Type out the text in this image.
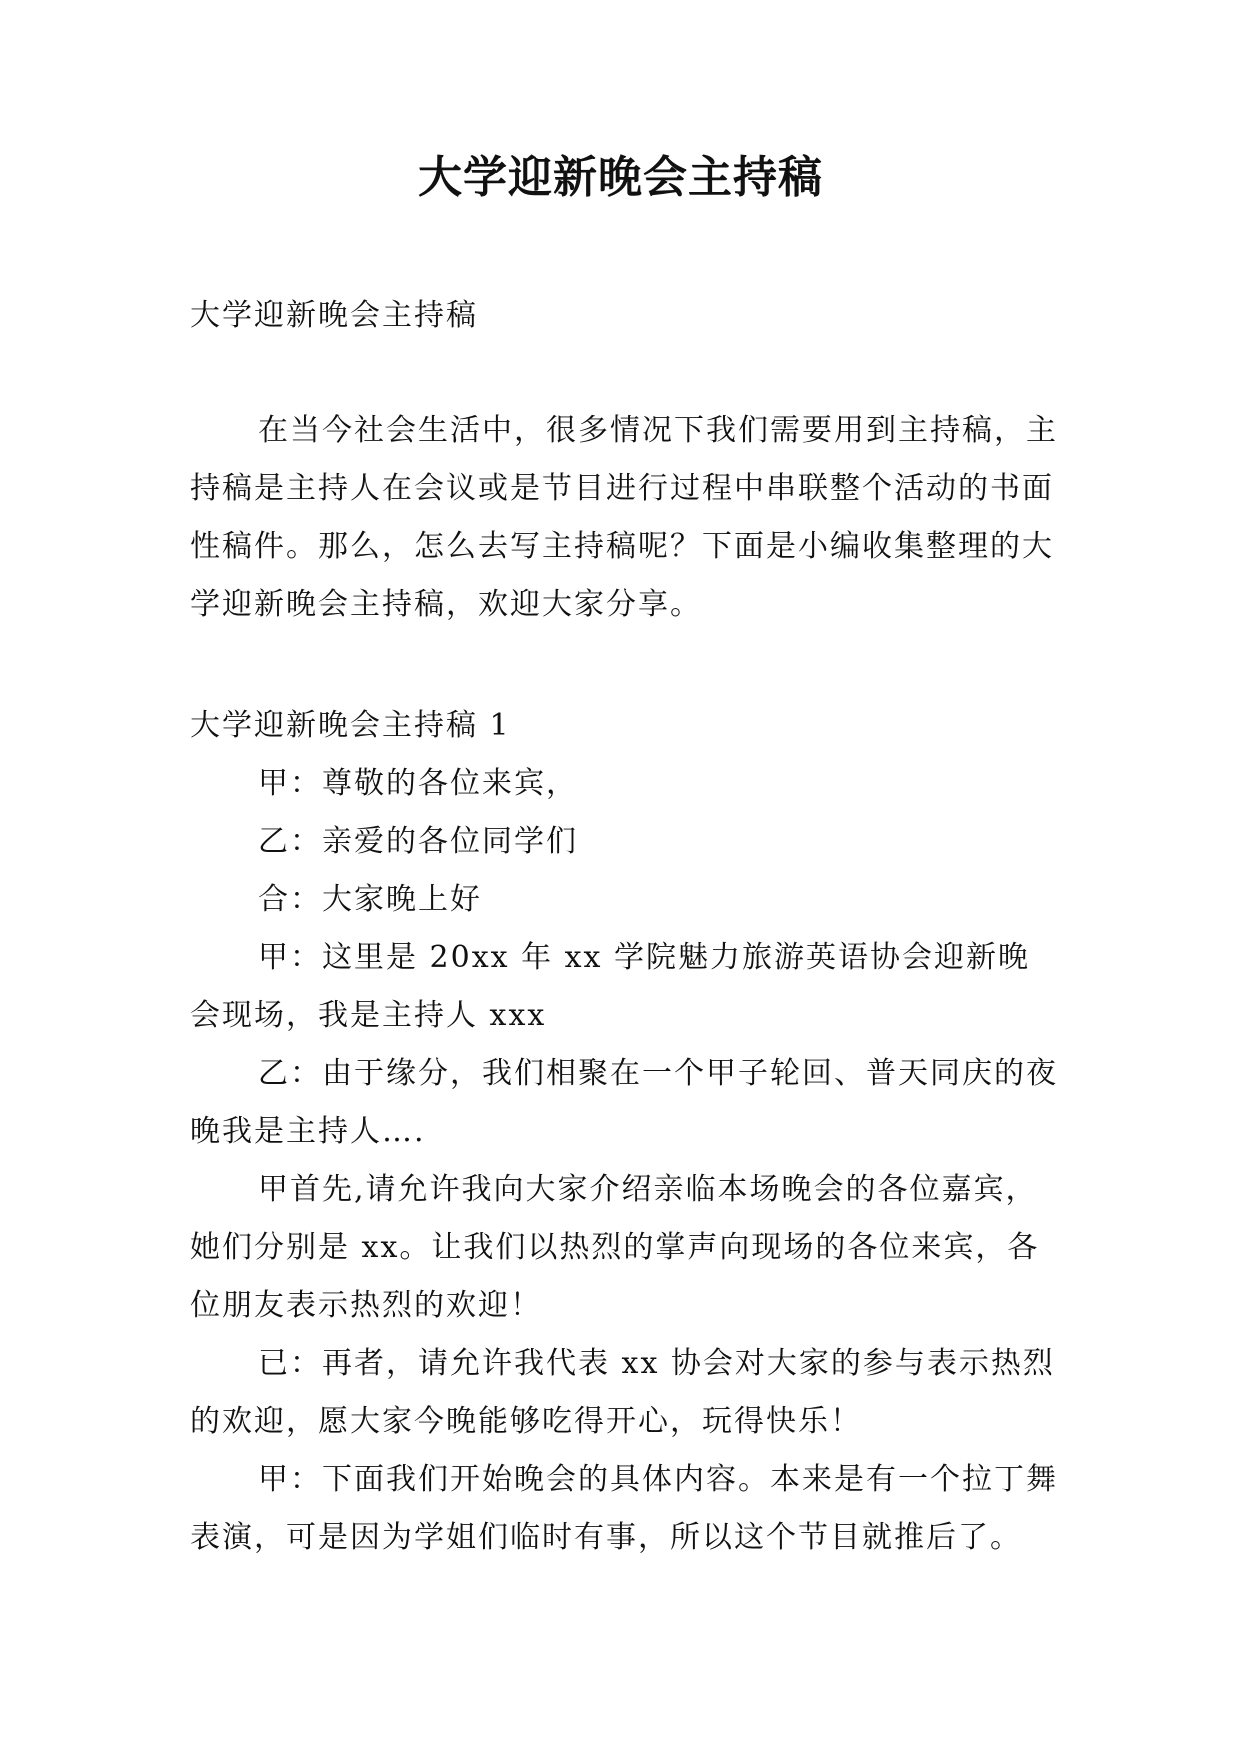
大学迎新晚会主持稿

大学迎新晚会主持稿

在当今社会生活中，很多情况下我们需要用到主持稿，主持稿是主持人在会议或是节目进行过程中串联整个活动的书面性稿件。那么，怎么去写主持稿呢？下面是小编收集整理的大学迎新晚会主持稿，欢迎大家分享。

大学迎新晚会主持稿 1

甲：尊敬的各位来宾，

乙：亲爱的各位同学们

合：大家晚上好

甲：这里是 20xx 年 xx 学院魅力旅游英语协会迎新晚会现场，我是主持人 xxx

乙：由于缘分，我们相聚在一个甲子轮回、普天同庆的夜晚我是主持人….

甲首先,请允许我向大家介绍亲临本场晚会的各位嘉宾，她们分别是 xx。让我们以热烈的掌声向现场的各位来宾，各位朋友表示热烈的欢迎！

已：再者，请允许我代表 xx 协会对大家的参与表示热烈的欢迎，愿大家今晚能够吃得开心，玩得快乐！

甲：下面我们开始晚会的具体内容。本来是有一个拉丁舞表演，可是因为学姐们临时有事，所以这个节目就推后了。
